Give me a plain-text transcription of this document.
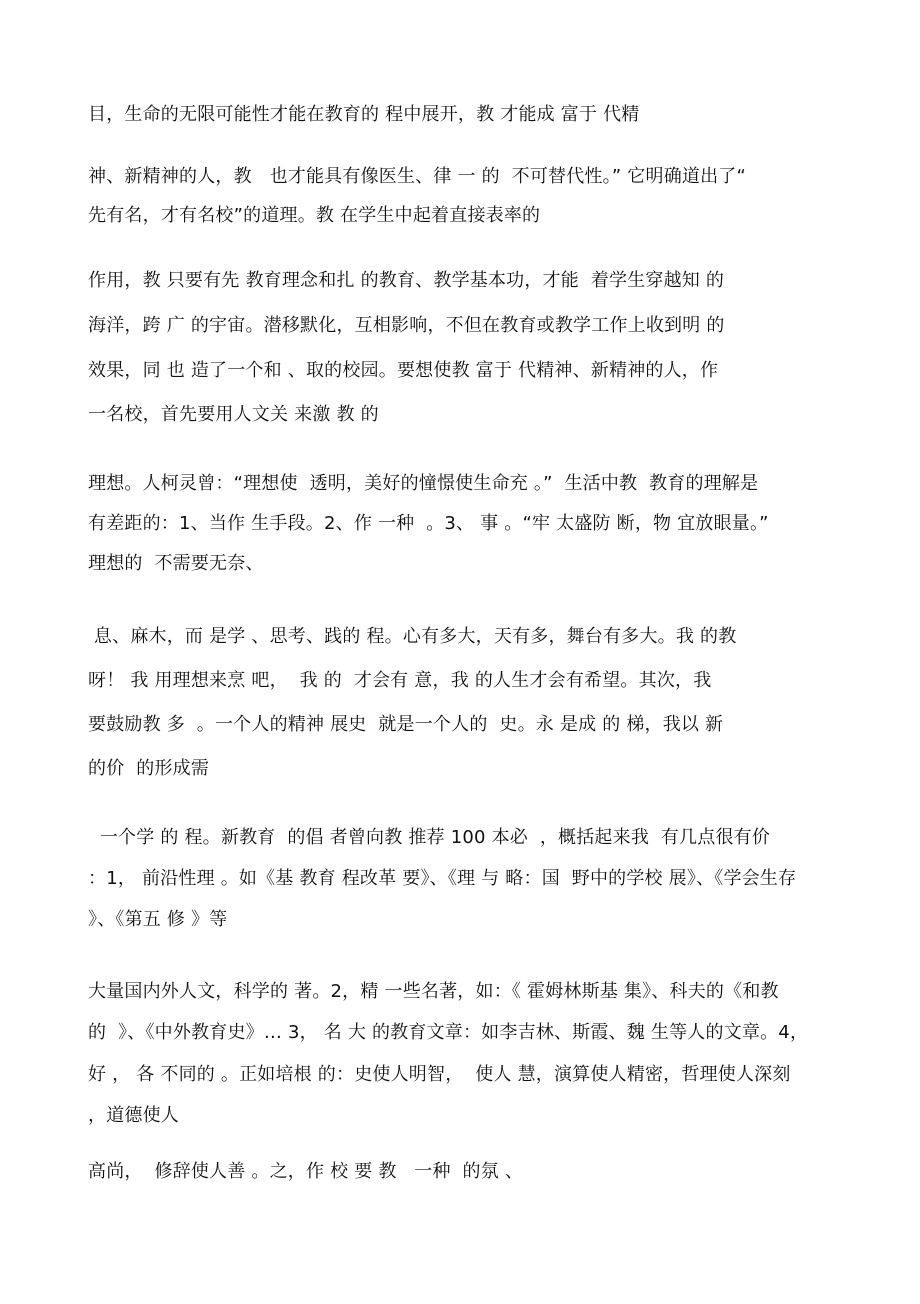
目，生命的无限可能性才能在教育的 程中展开，教 才能成 富于 代精
神、新精神的人，教   也才能具有像医生、律 一 的  不可替代性。” 它明确道出了“
先有名，才有名校”的道理。教 在学生中起着直接表率的
作用，教 只要有先 教育理念和扎 的教育、教学基本功，才能  着学生穿越知 的
海洋，跨 广 的宇宙。潜移默化，互相影响，不但在教育或教学工作上收到明 的
效果，同 也 造了一个和 、取的校园。要想使教 富于 代精神、新精神的人，作
一名校，首先要用人文关 来激 教 的
理想。人柯灵曾：“理想使  透明，美好的憧憬使生命充 。”  生活中教  教育的理解是
有差距的：1、当作 生手段。2、作 一种  。3、 事 。“牢 太盛防 断，物 宜放眼量。”
理想的  不需要无奈、
息、麻木，而 是学 、思考、践的 程。心有多大，天有多，舞台有多大。我 的教
呀！ 我 用理想来烹 吧，  我 的  才会有 意，我 的人生才会有希望。其次，我
要鼓励教 多  。一个人的精神 展史  就是一个人的  史。永 是成 的 梯，我以 新
的价  的形成需
一个学 的 程。新教育  的倡 者曾向教 推荐 100 本必  ，概括起来我  有几点很有价
：1， 前沿性理 。如《基 教育 程改革 要》、《理 与 略：国  野中的学校 展》、《学会生存
》、《第五 修 》等
大量国内外人文，科学的 著。2，精 一些名著，如：《 霍姆林斯基 集》、科夫的《和教
的  》、《中外教育史》… 3， 名 大 的教育文章：如李吉林、斯霞、魏 生等人的文章。4，
好 ， 各 不同的 。正如培根 的：史使人明智，  使人 慧，演算使人精密，哲理使人深刻
，道德使人
高尚，  修辞使人善 。之，作 校 要 教   一种  的氛 、
